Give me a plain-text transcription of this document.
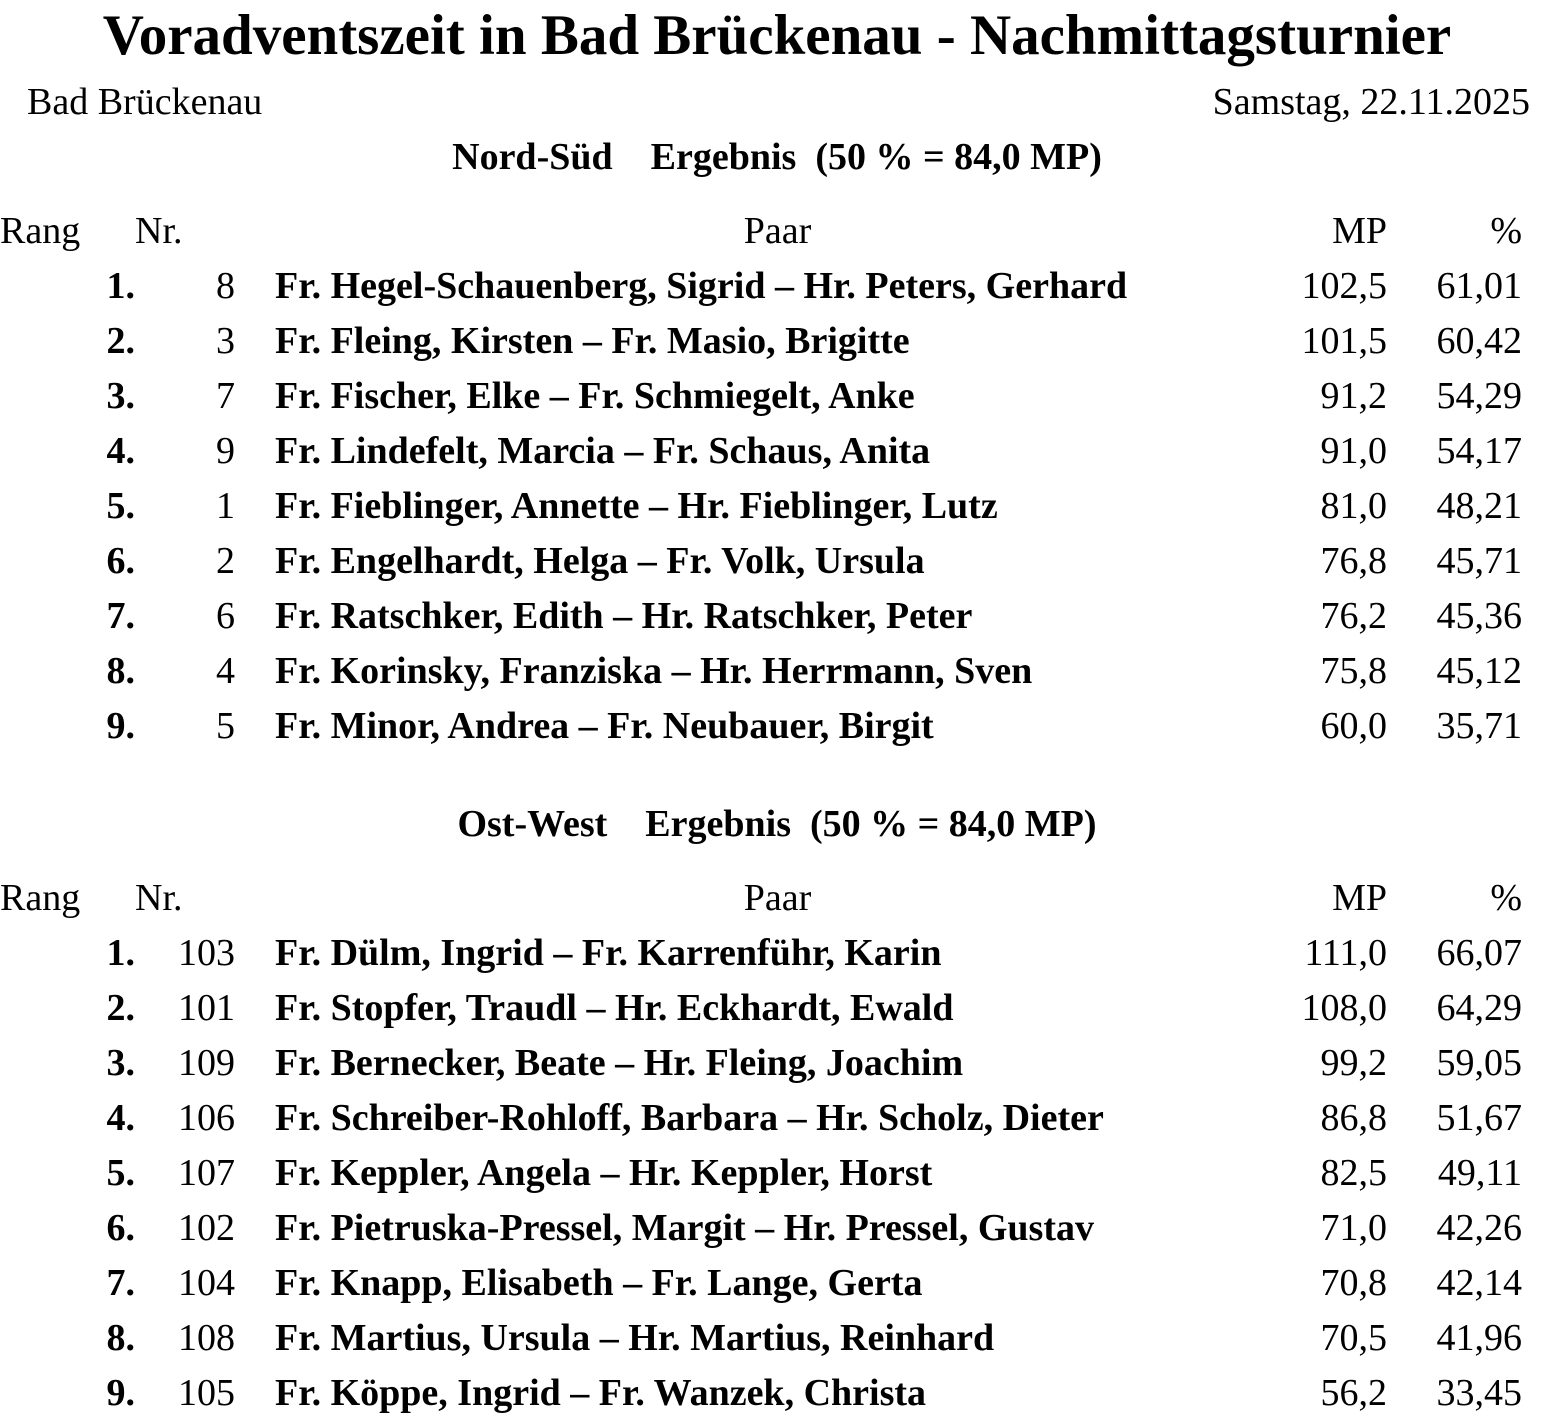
Voradventszeit in Bad Brückenau - Nachmittagsturnier
Bad Brückenau	Samstag, 22.11.2025
Nord-Süd    Ergebnis  (50 % = 84,0 MP)
Rang	Nr.		Paar	MP	%	
1.	8		Fr. Hegel-Schauenberg, Sigrid – Hr. Peters, Gerhard	102,5	61,01	
2.	3		Fr. Fleing, Kirsten – Fr. Masio, Brigitte	101,5	60,42	
3.	7		Fr. Fischer, Elke – Fr. Schmiegelt, Anke	91,2	54,29	
4.	9		Fr. Lindefelt, Marcia – Fr. Schaus, Anita	91,0	54,17	
5.	1		Fr. Fieblinger, Annette – Hr. Fieblinger, Lutz	81,0	48,21	
6.	2		Fr. Engelhardt, Helga – Fr. Volk, Ursula	76,8	45,71	
7.	6		Fr. Ratschker, Edith – Hr. Ratschker, Peter	76,2	45,36	
8.	4		Fr. Korinsky, Franziska – Hr. Herrmann, Sven	75,8	45,12	
9.	5		Fr. Minor, Andrea – Fr. Neubauer, Birgit	60,0	35,71	
Ost-West    Ergebnis  (50 % = 84,0 MP)
Rang	Nr.		Paar	MP	%	
1.	103		Fr. Dülm, Ingrid – Fr. Karrenführ, Karin	111,0	66,07	
2.	101		Fr. Stopfer, Traudl – Hr. Eckhardt, Ewald	108,0	64,29	
3.	109		Fr. Bernecker, Beate – Hr. Fleing, Joachim	99,2	59,05	
4.	106		Fr. Schreiber-Rohloff, Barbara – Hr. Scholz, Dieter	86,8	51,67	
5.	107		Fr. Keppler, Angela – Hr. Keppler, Horst	82,5	49,11	
6.	102		Fr. Pietruska-Pressel, Margit – Hr. Pressel, Gustav	71,0	42,26	
7.	104		Fr. Knapp, Elisabeth – Fr. Lange, Gerta	70,8	42,14	
8.	108		Fr. Martius, Ursula – Hr. Martius, Reinhard	70,5	41,96	
9.	105		Fr. Köppe, Ingrid – Fr. Wanzek, Christa	56,2	33,45	
